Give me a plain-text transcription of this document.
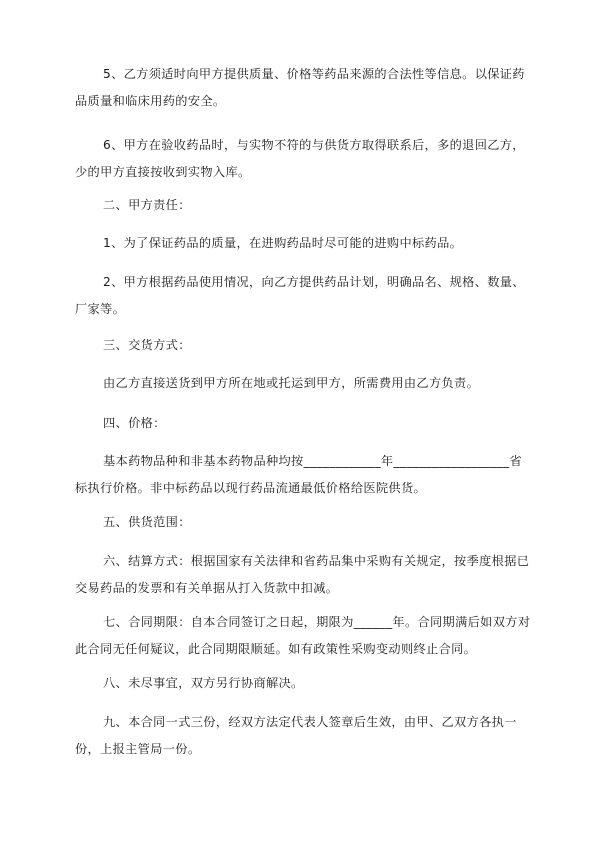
5、乙方须适时向甲方提供质量、价格等药品来源的合法性等信息。以保证药品质量和临床用药的安全。

6、甲方在验收药品时，与实物不符的与供货方取得联系后，多的退回乙方，少的甲方直接按收到实物入库。

二、甲方责任：

1、为了保证药品的质量，在进购药品时尽可能的进购中标药品。

2、甲方根据药品使用情况，向乙方提供药品计划，明确品名、规格、数量、厂家等。

三、交货方式：

由乙方直接送货到甲方所在地或托运到甲方，所需费用由乙方负责。

四、价格：

基本药物品种和非基本药物品种均按____________年__________________省标执行价格。非中标药品以现行药品流通最低价格给医院供货。

五、供货范围：

六、结算方式：根据国家有关法律和省药品集中采购有关规定，按季度根据已交易药品的发票和有关单据从打入货款中扣减。

七、合同期限：自本合同签订之日起，期限为______年。合同期满后如双方对此合同无任何疑议，此合同期限顺延。如有政策性采购变动则终止合同。

八、未尽事宜，双方另行协商解决。

九、本合同一式三份，经双方法定代表人签章后生效，由甲、乙双方各执一份，上报主管局一份。
